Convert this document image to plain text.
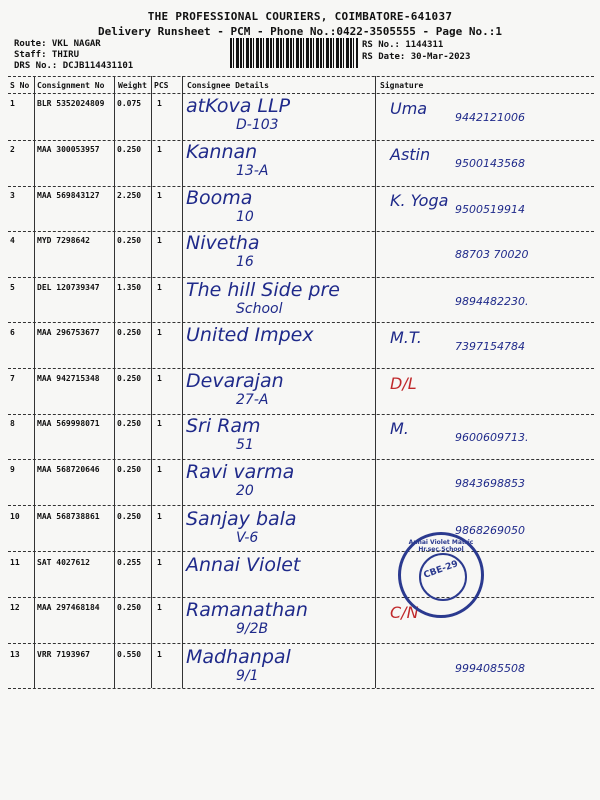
THE PROFESSIONAL COURIERS, COIMBATORE-641037
Delivery Runsheet - PCM - Phone No.:0422-3505555 - Page No.:1
Route: VKL NAGAR
Staff: THIRU
DRS No.: DCJB114431101
RS No.: 1144311
RS Date: 30-Mar-2023
S No Consignment No Weight PCS Consignee Details	Signature
1	BLR 5352024809 0.075 1 atKova LLP
D-103
Uma	9442121006
2	MAA 300053957 0.250 1 Kannan
13-A
Astin 9500143568
3	MAA 569843127 2.250 1 Booma
10
K. Yoga 9500519914
4	MYD 7298642	0.250 1 Nivetha
16	88703 70020
5	DEL 120739347 1.350 1 The hill Side pre
School	9894482230.
6	MAA 296753677 0.250 1 United Impex	M.T.	7397154784
7	MAA 942715348 0.250 1 Devarajan
27-A
D/L
8	MAA 569998071 0.250 1 Sri Ram
51
M.	9600609713.
9	MAA 568720646 0.250 1 Ravi varma
20	9843698853
10 MAA 568738861 0.250 1 Sanjay bala
V-6	9868269050
11 SAT 4027612	0.255 1 Annai Violet
12 MAA 297468184 0.250 1 Ramanathan
9/2B
C/N
13 VRR 7193967	0.550 1 Madhanpal
9/1	9994085508
Annai Violet Matric Hr.sec.School
CBE-29
